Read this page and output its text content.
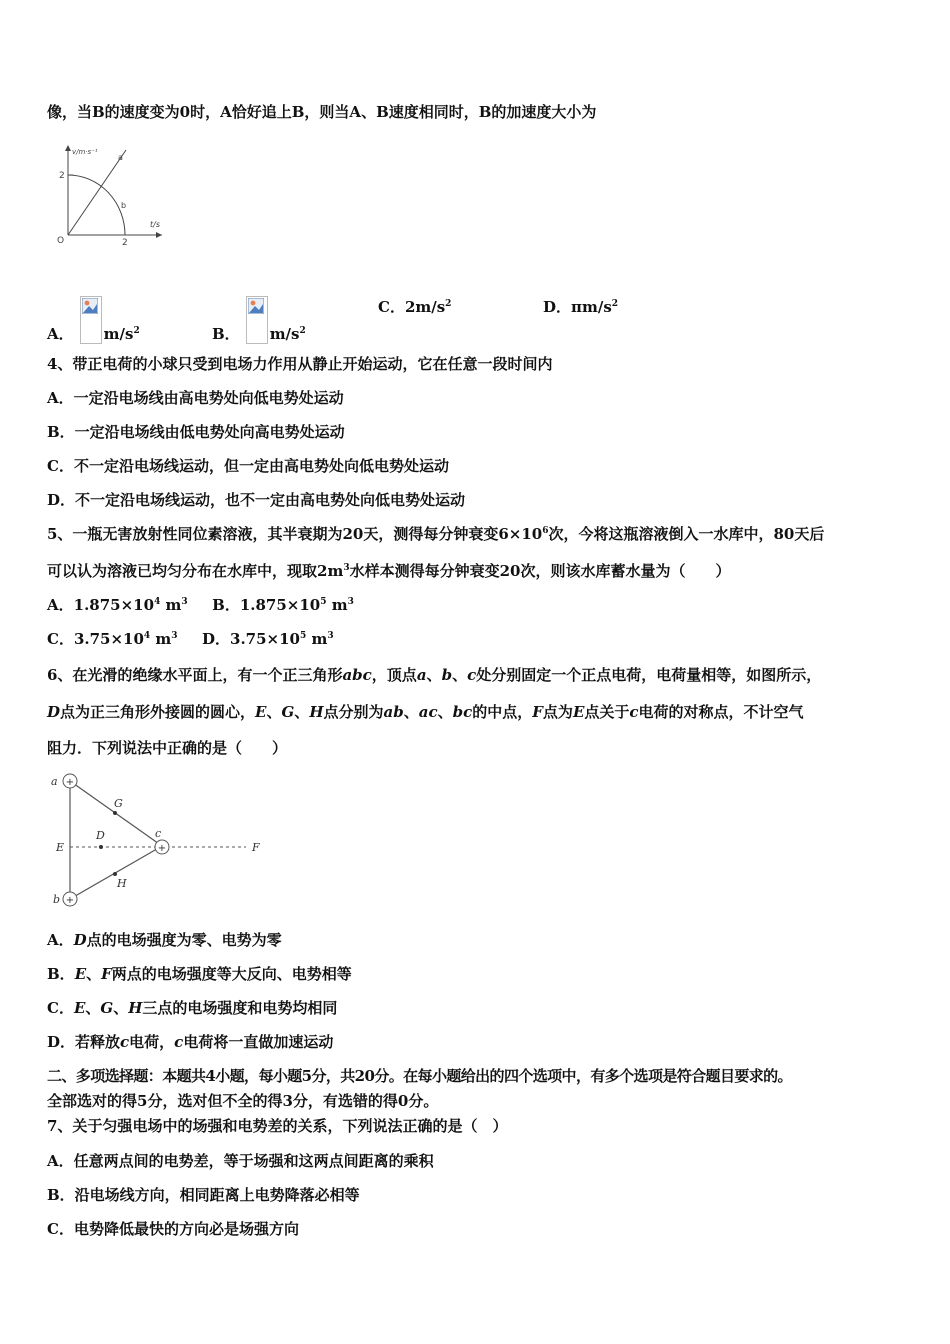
像，当B的速度变为0时，A恰好追上B，则当A、B速度相同时，B的加速度大小为
v/m·s⁻¹
t/s
O
2
2
a
b
A． $m/s^2$	B． $m/s^2$
C．$2m/s^2$	D．$\pi m/s^2$
4、带正电荷的小球只受到电场力作用从静止开始运动，它在任意一段时间内
A．一定沿电场线由高电势处向低电势处运动
B．一定沿电场线由低电势处向高电势处运动
C．不一定沿电场线运动，但一定由高电势处向低电势处运动
D．不一定沿电场线运动，也不一定由高电势处向低电势处运动
5、一瓶无害放射性同位素溶液，其半衰期为20天，测得每分钟衰变$6\times 10^6$次，今将这瓶溶液倒入一水库中，80天后
可以认为溶液已均匀分布在水库中，现取$2m^3$水样本测得每分钟衰变20次，则该水库蓄水量为（　　）
A．$1.875\times 10^4$ $m^3$ B．$1.875\times 10^5$ $m^3$
C．$3.75\times 10^4$ $m^3$ D．$3.75\times 10^5$ $m^3$
6、在光滑的绝缘水平面上，有一个正三角形abc，顶点a、b、c处分别固定一个正点电荷，电荷量相等，如图所示，
D点为正三角形外接圆的圆心，E、G、H点分别为ab、ac、bc的中点，F点为E点关于c电荷的对称点，不计空气
阻力．下列说法中正确的是（　　）
+
+
+
a
b
c
D
E	F
G
H
A．D点的电场强度为零、电势为零
B．E、F两点的电场强度等大反向、电势相等
C．E、G、H三点的电场强度和电势均相同
D．若释放c电荷，c电荷将一直做加速运动
二、多项选择题：本题共4小题，每小题5分，共20分。在每小题给出的四个选项中，有多个选项是符合题目要求的。
全部选对的得5分，选对但不全的得3分，有选错的得0分。
7、关于匀强电场中的场强和电势差的关系，下列说法正确的是（　）
A．任意两点间的电势差，等于场强和这两点间距离的乘积
B．沿电场线方向，相同距离上电势降落必相等
C．电势降低最快的方向必是场强方向
